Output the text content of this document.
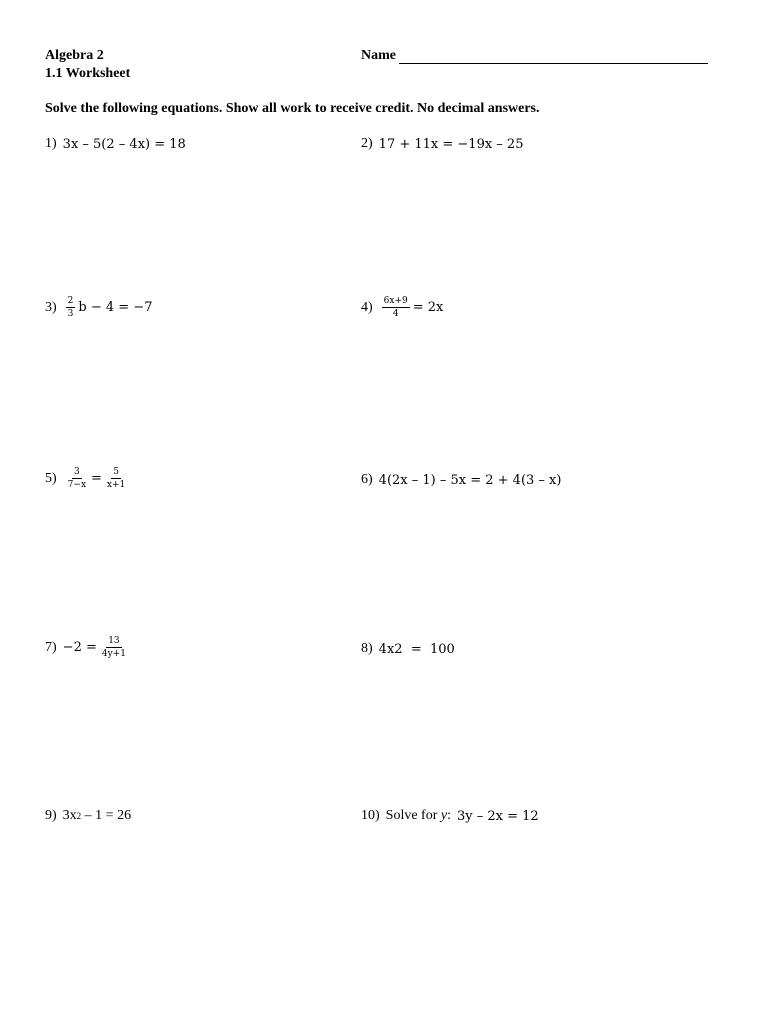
Algebra 2
1.1 Worksheet
Name
Solve the following equations. Show all work to receive credit. No decimal answers.
1) 3x – 5(2 – 4x) = 18	2) 17 + 11x = −19x – 25
$3) \frac{2}{3}$ b − 4 = −7	$4) \frac{6x+9}{4} = 2x$
$5) \frac{3}{7-x} = \frac{5}{x+1}$	6) 4(2x – 1) – 5x = 2 + 4(3 – x)
$7) -2 = \frac{13}{4y+1}$	8) 4x 2 =  100
9) 3x 2 – 1 = 26	10) Solve for y : 3y – 2x = 12
